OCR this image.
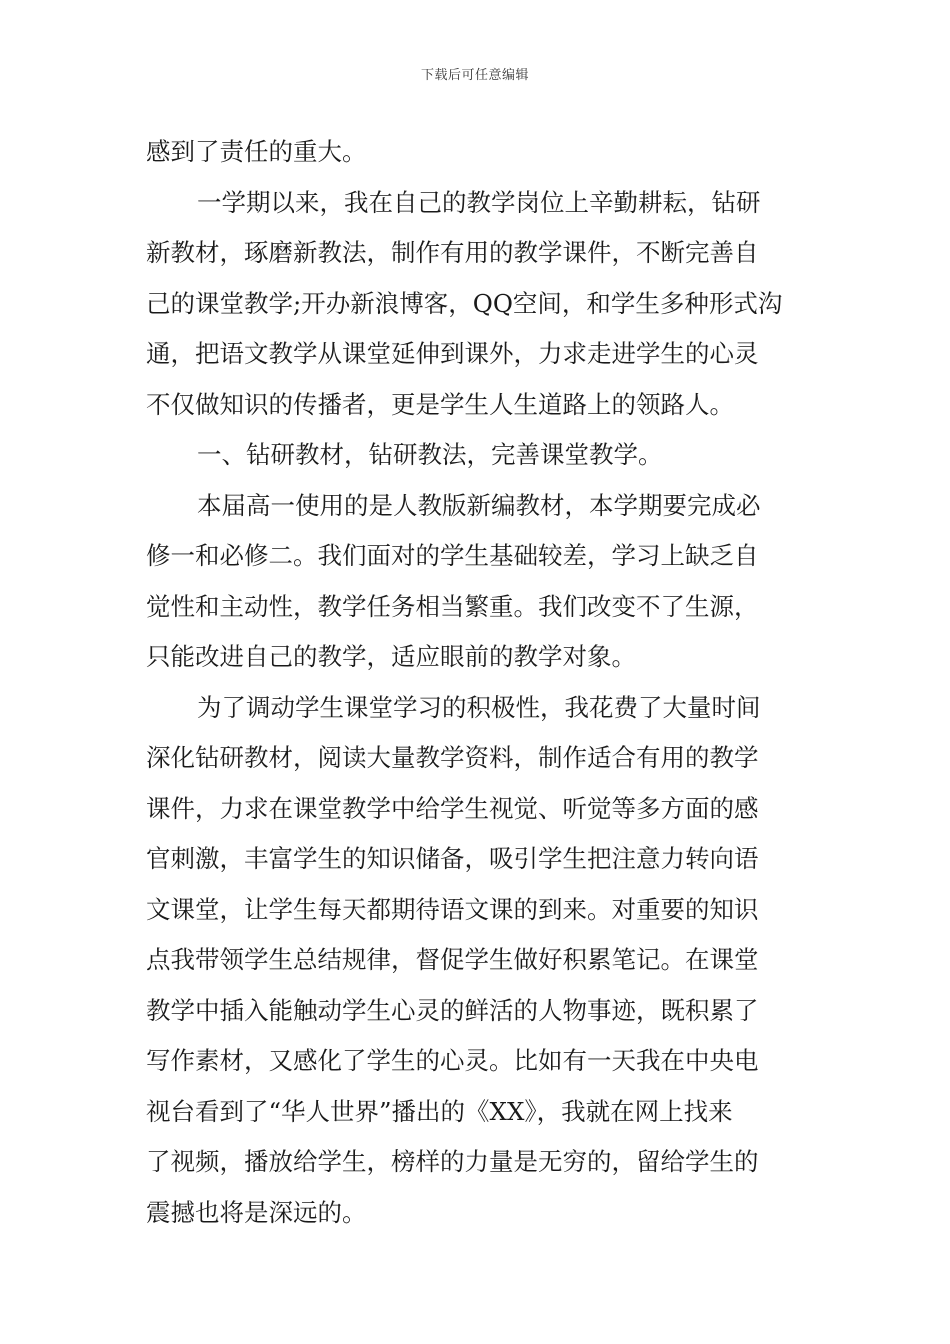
下载后可任意编辑
感到了责任的重大。
一学期以来，我在自己的教学岗位上辛勤耕耘，钻研
新教材，琢磨新教法，制作有用的教学课件，不断完善自
己的课堂教学;开办新浪博客，QQ空间，和学生多种形式沟
通，把语文教学从课堂延伸到课外，力求走进学生的心灵
不仅做知识的传播者，更是学生人生道路上的领路人。
一、钻研教材，钻研教法，完善课堂教学。
本届高一使用的是人教版新编教材，本学期要完成必
修一和必修二。我们面对的学生基础较差，学习上缺乏自
觉性和主动性，教学任务相当繁重。我们改变不了生源，
只能改进自己的教学，适应眼前的教学对象。
为了调动学生课堂学习的积极性，我花费了大量时间
深化钻研教材，阅读大量教学资料，制作适合有用的教学
课件，力求在课堂教学中给学生视觉、听觉等多方面的感
官刺激，丰富学生的知识储备，吸引学生把注意力转向语
文课堂，让学生每天都期待语文课的到来。对重要的知识
点我带领学生总结规律，督促学生做好积累笔记。在课堂
教学中插入能触动学生心灵的鲜活的人物事迹，既积累了
写作素材，又感化了学生的心灵。比如有一天我在中央电
视台看到了“华人世界”播出的《XX》，我就在网上找来
了视频，播放给学生，榜样的力量是无穷的，留给学生的
震撼也将是深远的。
